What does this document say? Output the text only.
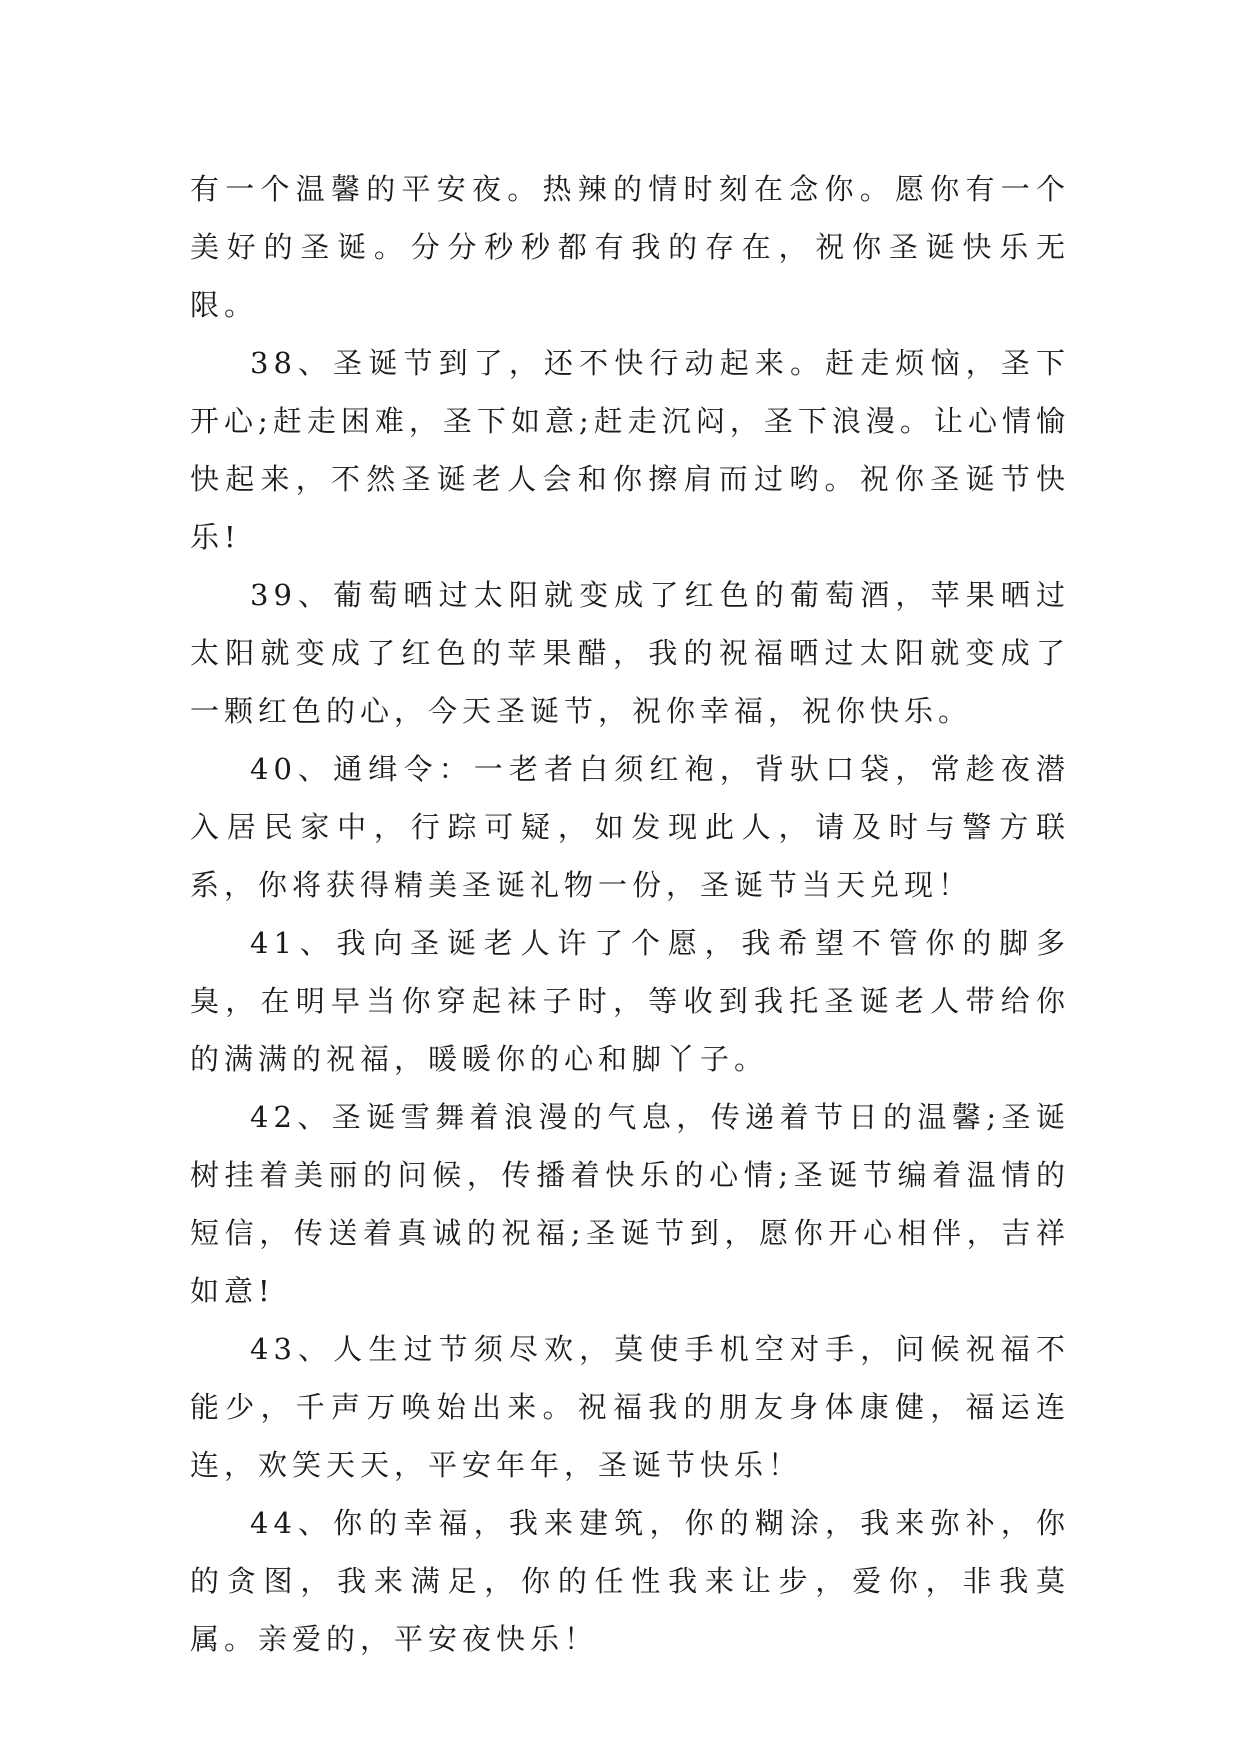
有一个温馨的平安夜。热辣的情时刻在念你。愿你有一个美好的圣诞。分分秒秒都有我的存在，祝你圣诞快乐无限。

38、圣诞节到了，还不快行动起来。赶走烦恼，圣下开心;赶走困难，圣下如意;赶走沉闷，圣下浪漫。让心情愉快起来，不然圣诞老人会和你擦肩而过哟。祝你圣诞节快乐!

39、葡萄晒过太阳就变成了红色的葡萄酒，苹果晒过太阳就变成了红色的苹果醋，我的祝福晒过太阳就变成了一颗红色的心，今天圣诞节，祝你幸福，祝你快乐。

40、通缉令：一老者白须红袍，背驮口袋，常趁夜潜入居民家中，行踪可疑，如发现此人，请及时与警方联系，你将获得精美圣诞礼物一份，圣诞节当天兑现！

41、我向圣诞老人许了个愿，我希望不管你的脚多臭，在明早当你穿起袜子时，等收到我托圣诞老人带给你的满满的祝福，暖暖你的心和脚丫子。

42、圣诞雪舞着浪漫的气息，传递着节日的温馨;圣诞树挂着美丽的问候，传播着快乐的心情;圣诞节编着温情的短信，传送着真诚的祝福;圣诞节到，愿你开心相伴，吉祥如意!

43、人生过节须尽欢，莫使手机空对手，问候祝福不能少，千声万唤始出来。祝福我的朋友身体康健，福运连连，欢笑天天，平安年年，圣诞节快乐！

44、你的幸福，我来建筑，你的糊涂，我来弥补，你的贪图，我来满足，你的任性我来让步，爱你，非我莫属。亲爱的，平安夜快乐！
